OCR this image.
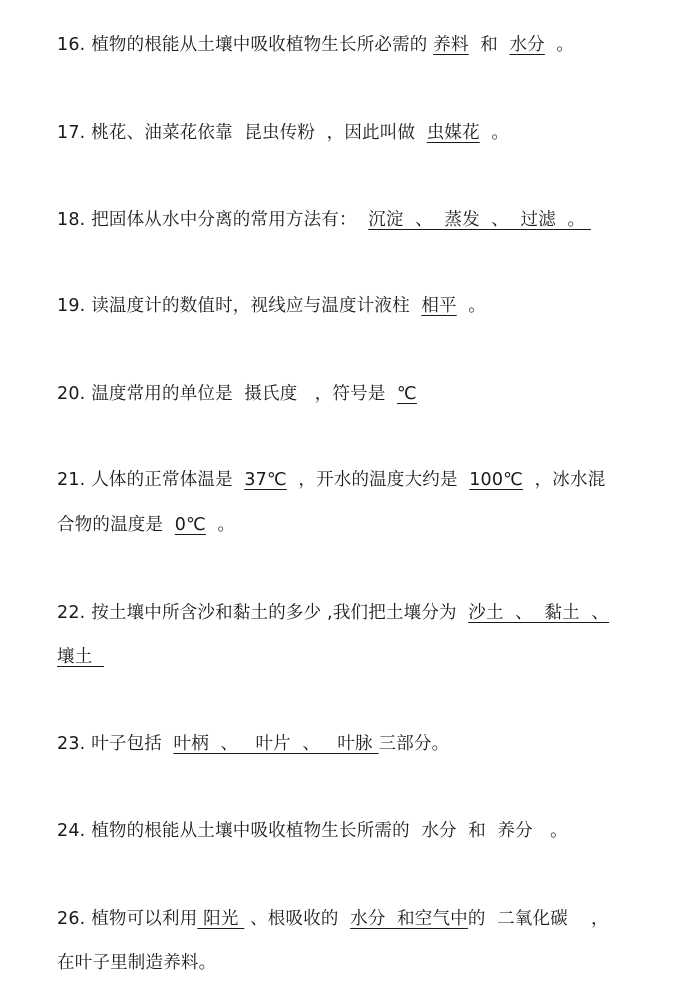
16. 植物的根能从土壤中吸收植物生长所必需的 养料  和  水分  。
17. 桃花、油菜花依靠  昆虫传粉  ，因此叫做  虫媒花  。
18. 把固体从水中分离的常用方法有：  沉淀  、  蒸发  、  过滤  。
19. 读温度计的数值时，视线应与温度计液柱  相平  。
20. 温度常用的单位是  摄氏度   ，符号是  ℃
21. 人体的正常体温是  37℃  ，开水的温度大约是  100℃  ，冰水混
合物的温度是  0℃  。
22. 按土壤中所含沙和黏土的多少 ,我们把土壤分为  沙土  、  黏土  、
壤土
23. 叶子包括  叶柄  、   叶片  、   叶脉 三部分。
24. 植物的根能从土壤中吸收植物生长所需的  水分  和  养分   。
26. 植物可以利用 阳光  、根吸收的  水分  和空气中的  二氧化碳    ，
在叶子里制造养料。
